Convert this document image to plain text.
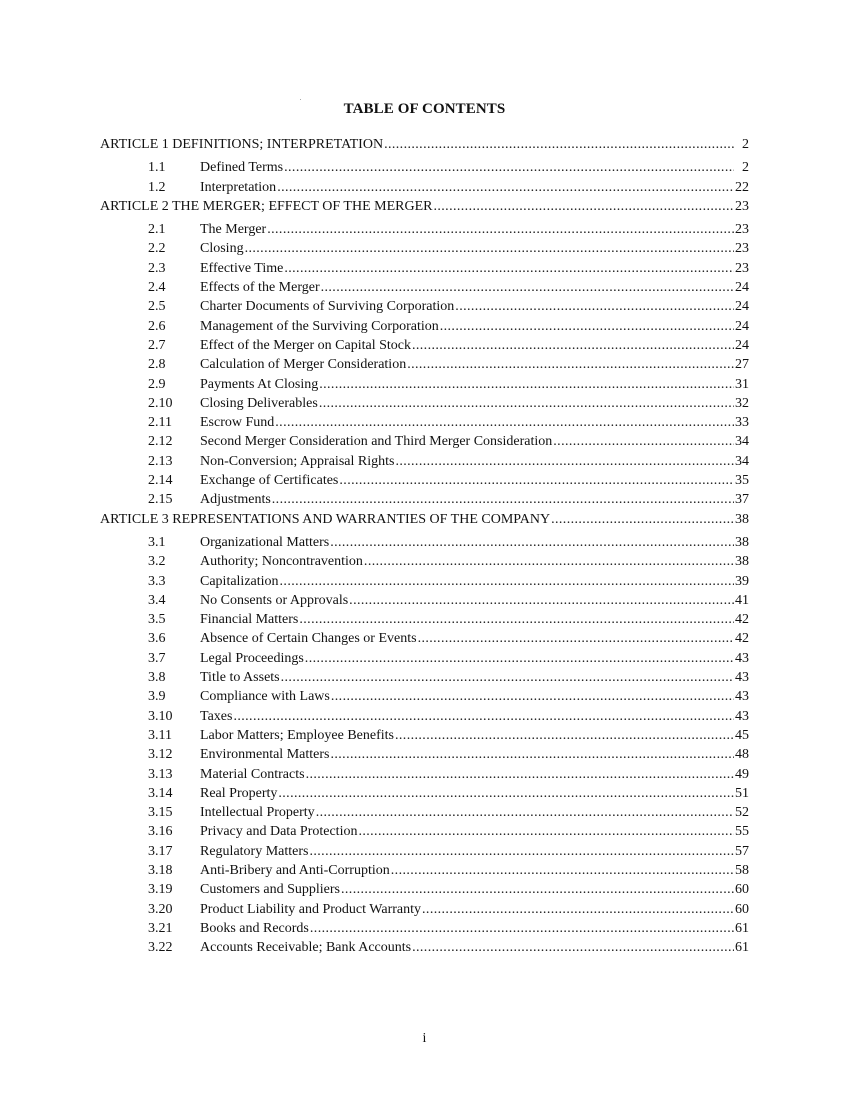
TABLE OF CONTENTS
ARTICLE 1 DEFINITIONS; INTERPRETATION .....	2
1.1	Defined Terms .....	2
1.2	Interpretation .....	22
ARTICLE 2 THE MERGER; EFFECT OF THE MERGER .....	23
2.1	The Merger .....	23
2.2	Closing .....	23
2.3	Effective Time .....	23
2.4	Effects of the Merger .....	24
2.5	Charter Documents of Surviving Corporation .....	24
2.6	Management of the Surviving Corporation .....	24
2.7	Effect of the Merger on Capital Stock .....	24
2.8	Calculation of Merger Consideration .....	27
2.9	Payments At Closing .....	31
2.10	Closing Deliverables .....	32
2.11	Escrow Fund .....	33
2.12	Second Merger Consideration and Third Merger Consideration .....	34
2.13	Non-Conversion; Appraisal Rights .....	34
2.14	Exchange of Certificates .....	35
2.15	Adjustments .....	37
ARTICLE 3 REPRESENTATIONS AND WARRANTIES OF THE COMPANY .....	38
3.1	Organizational Matters .....	38
3.2	Authority; Noncontravention .....	38
3.3	Capitalization .....	39
3.4	No Consents or Approvals .....	41
3.5	Financial Matters .....	42
3.6	Absence of Certain Changes or Events .....	42
3.7	Legal Proceedings .....	43
3.8	Title to Assets .....	43
3.9	Compliance with Laws .....	43
3.10	Taxes .....	43
3.11	Labor Matters; Employee Benefits .....	45
3.12	Environmental Matters .....	48
3.13	Material Contracts .....	49
3.14	Real Property .....	51
3.15	Intellectual Property .....	52
3.16	Privacy and Data Protection .....	55
3.17	Regulatory Matters .....	57
3.18	Anti-Bribery and Anti-Corruption .....	58
3.19	Customers and Suppliers .....	60
3.20	Product Liability and Product Warranty .....	60
3.21	Books and Records .....	61
3.22	Accounts Receivable; Bank Accounts .....	61
i
